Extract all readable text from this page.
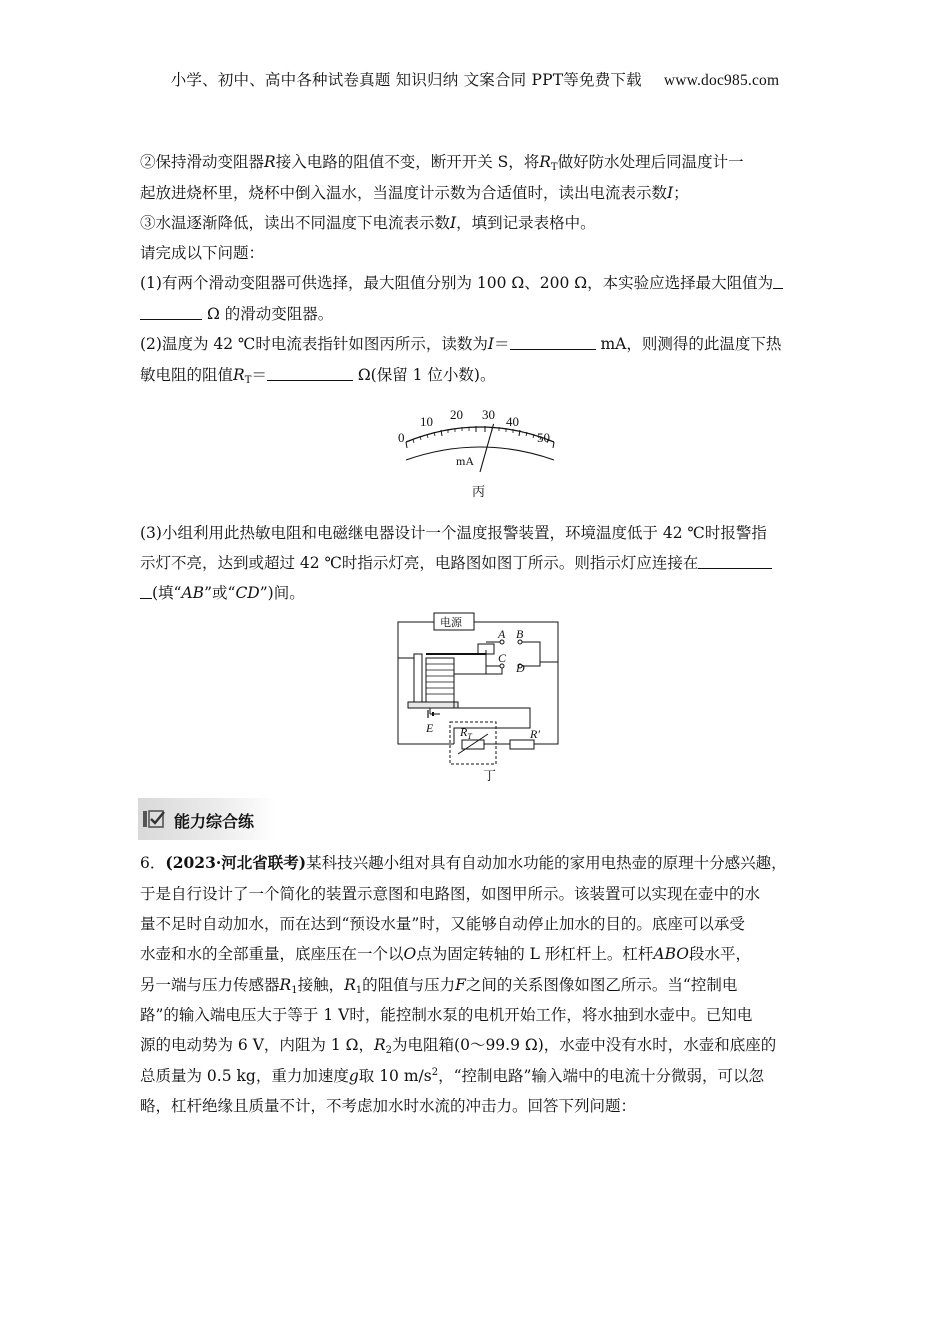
小学、初中、高中各种试卷真题 知识归纳 文案合同 PPT等免费下载 www.doc985.com
②保持滑动变阻器R接入电路的阻值不变，断开开关 S，将$R_T$做好防水处理后同温度计一
起放进烧杯里，烧杯中倒入温水，当温度计示数为合适值时，读出电流表示数I；
③水温逐渐降低，读出不同温度下电流表示数I，填到记录表格中。
请完成以下问题：
(1)有两个滑动变阻器可供选择，最大阻值分别为 100 Ω、200 Ω，本实验应选择最大阻值为
Ω 的滑动变阻器。
(2)温度为 42 ℃时电流表指针如图丙所示，读数为I＝	mA，则测得的此温度下热
敏电阻的阻值$R_T=$	Ω(保留 1 位小数)。
0
10 20 30 40
50
mA
丙
(3)小组利用此热敏电阻和电磁继电器设计一个温度报警装置，环境温度低于 42 ℃时报警指
示灯不亮，达到或超过 42 ℃时指示灯亮，电路图如图丁所示。则指示灯应连接在
(填“AB”或“CD”)间。
电源
A B
C
D
E $R_T$	R′
丁
能力综合练
6．(2023·河北省联考)某科技兴趣小组对具有自动加水功能的家用电热壶的原理十分感兴趣，
于是自行设计了一个简化的装置示意图和电路图，如图甲所示。该装置可以实现在壶中的水
量不足时自动加水，而在达到“预设水量”时，又能够自动停止加水的目的。底座可以承受
水壶和水的全部重量，底座压在一个以O点为固定转轴的 L 形杠杆上。杠杆ABO段水平，
另一端与压力传感器$R_1$接触，$R_1$的阻值与压力F之间的关系图像如图乙所示。当“控制电
路”的输入端电压大于等于 1 V时，能控制水泵的电机开始工作，将水抽到水壶中。已知电
源的电动势为 6 V，内阻为 1 Ω，$R_2$为电阻箱(0～99.9 Ω)，水壶中没有水时，水壶和底座的
总质量为 0.5 kg，重力加速度g取 10 $m/s^2$，“控制电路”输入端中的电流十分微弱，可以忽
略，杠杆绝缘且质量不计，不考虑加水时水流的冲击力。回答下列问题：
